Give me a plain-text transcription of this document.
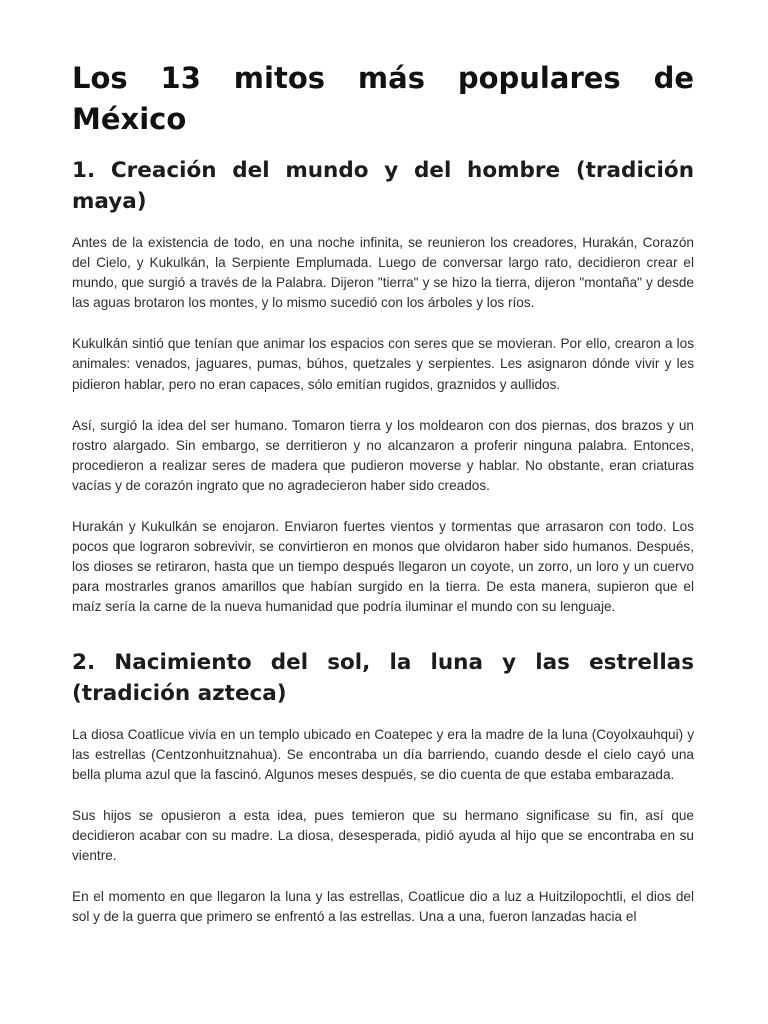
Los 13 mitos más populares de México
1. Creación del mundo y del hombre (tradición maya)

Antes de la existencia de todo, en una noche infinita, se reunieron los creadores, Hurakán, Corazón del Cielo, y Kukulkán, la Serpiente Emplumada. Luego de conversar largo rato, decidieron crear el mundo, que surgió a través de la Palabra. Dijeron "tierra" y se hizo la tierra, dijeron "montaña" y desde las aguas brotaron los montes, y lo mismo sucedió con los árboles y los ríos.

Kukulkán sintió que tenían que animar los espacios con seres que se movieran. Por ello, crearon a los animales: venados, jaguares, pumas, búhos, quetzales y serpientes. Les asignaron dónde vivir y les pidieron hablar, pero no eran capaces, sólo emitían rugidos, graznidos y aullidos.

Así, surgió la idea del ser humano. Tomaron tierra y los moldearon con dos piernas, dos brazos y un rostro alargado. Sin embargo, se derritieron y no alcanzaron a proferir ninguna palabra. Entonces, procedieron a realizar seres de madera que pudieron moverse y hablar. No obstante, eran criaturas vacías y de corazón ingrato que no agradecieron haber sido creados.

Hurakán y Kukulkán se enojaron. Enviaron fuertes vientos y tormentas que arrasaron con todo. Los pocos que lograron sobrevivir, se convirtieron en monos que olvidaron haber sido humanos. Después, los dioses se retiraron, hasta que un tiempo después llegaron un coyote, un zorro, un loro y un cuervo para mostrarles granos amarillos que habían surgido en la tierra. De esta manera, supieron que el maíz sería la carne de la nueva humanidad que podría iluminar el mundo con su lenguaje.

2. Nacimiento del sol, la luna y las estrellas (tradición azteca)

La diosa Coatlicue vivía en un templo ubicado en Coatepec y era la madre de la luna (Coyolxauhqui) y las estrellas (Centzonhuitznahua). Se encontraba un día barriendo, cuando desde el cielo cayó una bella pluma azul que la fascinó. Algunos meses después, se dio cuenta de que estaba embarazada.

Sus hijos se opusieron a esta idea, pues temieron que su hermano significase su fin, así que decidieron acabar con su madre. La diosa, desesperada, pidió ayuda al hijo que se encontraba en su vientre.

En el momento en que llegaron la luna y las estrellas, Coatlicue dio a luz a Huitzilopochtli, el dios del sol y de la guerra que primero se enfrentó a las estrellas. Una a una, fueron lanzadas hacia el
